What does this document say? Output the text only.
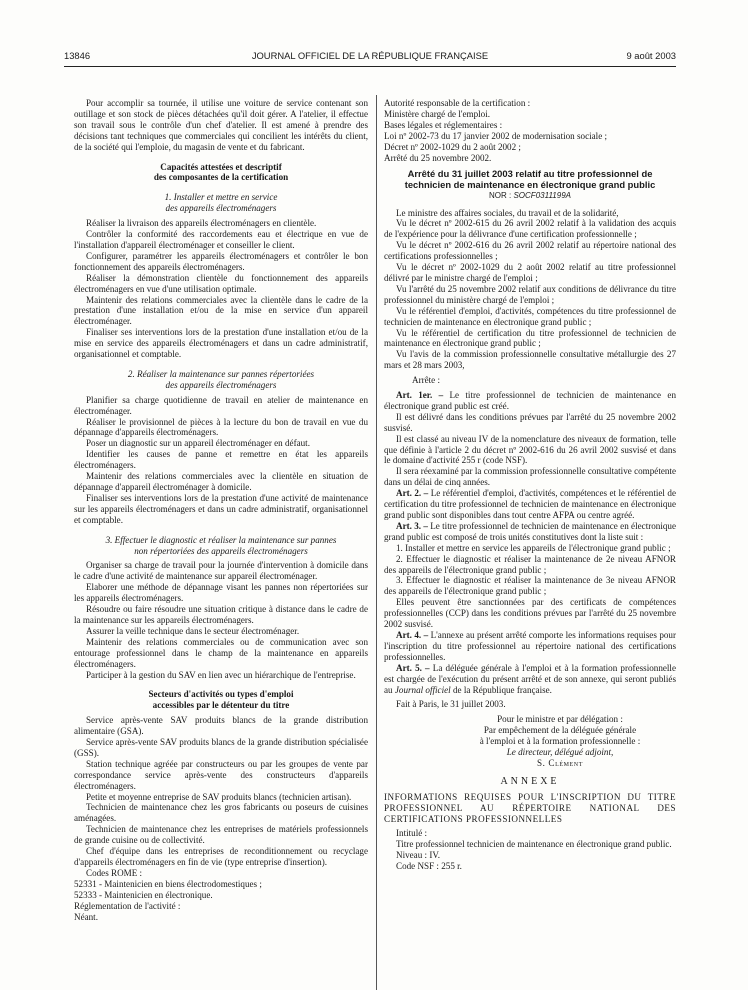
13846	JOURNAL OFFICIEL DE LA RÉPUBLIQUE FRANÇAISE	9 août 2003

Pour accomplir sa tournée, il utilise une voiture de service contenant son outillage et son stock de pièces détachées qu'il doit gérer. A l'atelier, il effectue son travail sous le contrôle d'un chef d'atelier. Il est amené à prendre des décisions tant techniques que commerciales qui concilient les intérêts du client, de la société qui l'emploie, du magasin de vente et du fabricant.

Capacités attestées et descriptif
des composantes de la certification

1. Installer et mettre en service
des appareils électroménagers

Réaliser la livraison des appareils électroménagers en clientèle.

Contrôler la conformité des raccordements eau et électrique en vue de l'installation d'appareil électroménager et conseiller le client.

Configurer, paramétrer les appareils électroménagers et contrôler le bon fonctionnement des appareils électroménagers.

Réaliser la démonstration clientèle du fonctionnement des appareils électroménagers en vue d'une utilisation optimale.

Maintenir des relations commerciales avec la clientèle dans le cadre de la prestation d'une installation et/ou de la mise en service d'un appareil électroménager.

Finaliser ses interventions lors de la prestation d'une installation et/ou de la mise en service des appareils électroménagers et dans un cadre administratif, organisationnel et comptable.

2. Réaliser la maintenance sur pannes répertoriées
des appareils électroménagers

Planifier sa charge quotidienne de travail en atelier de maintenance en électroménager.

Réaliser le provisionnel de pièces à la lecture du bon de travail en vue du dépannage d'appareils électroménagers.

Poser un diagnostic sur un appareil électroménager en défaut.

Identifier les causes de panne et remettre en état les appareils électroménagers.

Maintenir des relations commerciales avec la clientèle en situation de dépannage d'appareil électroménager à domicile.

Finaliser ses interventions lors de la prestation d'une activité de maintenance sur les appareils électroménagers et dans un cadre administratif, organisationnel et comptable.

3. Effectuer le diagnostic et réaliser la maintenance sur pannes
non répertoriées des appareils électroménagers

Organiser sa charge de travail pour la journée d'intervention à domicile dans le cadre d'une activité de maintenance sur appareil électroménager.

Elaborer une méthode de dépannage visant les pannes non répertoriées sur les appareils électroménagers.

Résoudre ou faire résoudre une situation critique à distance dans le cadre de la maintenance sur les appareils électroménagers.

Assurer la veille technique dans le secteur électroménager.

Maintenir des relations commerciales ou de communication avec son entourage professionnel dans le champ de la maintenance en appareils électroménagers.

Participer à la gestion du SAV en lien avec un hiérarchique de l'entreprise.

Secteurs d'activités ou types d'emploi
accessibles par le détenteur du titre

Service après-vente SAV produits blancs de la grande distribution alimentaire (GSA).

Service après-vente SAV produits blancs de la grande distribution spécialisée (GSS).

Station technique agréée par constructeurs ou par les groupes de vente par correspondance service après-vente des constructeurs d'appareils électroménagers.

Petite et moyenne entreprise de SAV produits blancs (technicien artisan).

Technicien de maintenance chez les gros fabricants ou poseurs de cuisines aménagées.

Technicien de maintenance chez les entreprises de matériels professionnels de grande cuisine ou de collectivité.

Chef d'équipe dans les entreprises de reconditionnement ou recyclage d'appareils électroménagers en fin de vie (type entreprise d'insertion).

Codes ROME :

52331 - Maintenicien en biens électrodomestiques ;

52333 - Maintenicien en électronique.

Réglementation de l'activité :

Néant.

Autorité responsable de la certification :

Ministère chargé de l'emploi.

Bases légales et réglementaires :

Loi nº 2002-73 du 17 janvier 2002 de modernisation sociale ;

Décret nº 2002-1029 du 2 août 2002 ;

Arrêté du 25 novembre 2002.

Arrêté du 31 juillet 2003 relatif au titre professionnel de technicien de maintenance en électronique grand public

NOR : SOCF0311199A

Le ministre des affaires sociales, du travail et de la solidarité,

Vu le décret nº 2002-615 du 26 avril 2002 relatif à la validation des acquis de l'expérience pour la délivrance d'une certification professionnelle ;

Vu le décret nº 2002-616 du 26 avril 2002 relatif au répertoire national des certifications professionnelles ;

Vu le décret nº 2002-1029 du 2 août 2002 relatif au titre professionnel délivré par le ministre chargé de l'emploi ;

Vu l'arrêté du 25 novembre 2002 relatif aux conditions de délivrance du titre professionnel du ministère chargé de l'emploi ;

Vu le référentiel d'emploi, d'activités, compétences du titre professionnel de technicien de maintenance en électronique grand public ;

Vu le référentiel de certification du titre professionnel de technicien de maintenance en électronique grand public ;

Vu l'avis de la commission professionnelle consultative métallurgie des 27 mars et 28 mars 2003,

Arrête :

Art. 1er. – Le titre professionnel de technicien de maintenance en électronique grand public est créé.

Il est délivré dans les conditions prévues par l'arrêté du 25 novembre 2002 susvisé.

Il est classé au niveau IV de la nomenclature des niveaux de formation, telle que définie à l'article 2 du décret nº 2002-616 du 26 avril 2002 susvisé et dans le domaine d'activité 255 r (code NSF).

Il sera réexaminé par la commission professionnelle consultative compétente dans un délai de cinq années.

Art. 2. – Le référentiel d'emploi, d'activités, compétences et le référentiel de certification du titre professionnel de technicien de maintenance en électronique grand public sont disponibles dans tout centre AFPA ou centre agréé.

Art. 3. – Le titre professionnel de technicien de maintenance en électronique grand public est composé de trois unités constitutives dont la liste suit :

1. Installer et mettre en service les appareils de l'électronique grand public ;

2. Effectuer le diagnostic et réaliser la maintenance de 2e niveau AFNOR des appareils de l'électronique grand public ;

3. Effectuer le diagnostic et réaliser la maintenance de 3e niveau AFNOR des appareils de l'électronique grand public ;

Elles peuvent être sanctionnées par des certificats de compétences professionnelles (CCP) dans les conditions prévues par l'arrêté du 25 novembre 2002 susvisé.

Art. 4. – L'annexe au présent arrêté comporte les informations requises pour l'inscription du titre professionnel au répertoire national des certifications professionnelles.

Art. 5. – La déléguée générale à l'emploi et à la formation professionnelle est chargée de l'exécution du présent arrêté et de son annexe, qui seront publiés au Journal officiel de la République française.

Fait à Paris, le 31 juillet 2003.

Pour le ministre et par délégation :

Par empêchement de la déléguée générale

à l'emploi et à la formation professionnelle :

Le directeur, délégué adjoint,

S. Clément

ANNEXE

INFORMATIONS REQUISES POUR L'INSCRIPTION DU TITRE PROFESSIONNEL AU RÉPERTOIRE NATIONAL DES CERTIFICATIONS PROFESSIONNELLES

Intitulé :

Titre professionnel technicien de maintenance en électronique grand public.

Niveau : IV.

Code NSF : 255 r.
